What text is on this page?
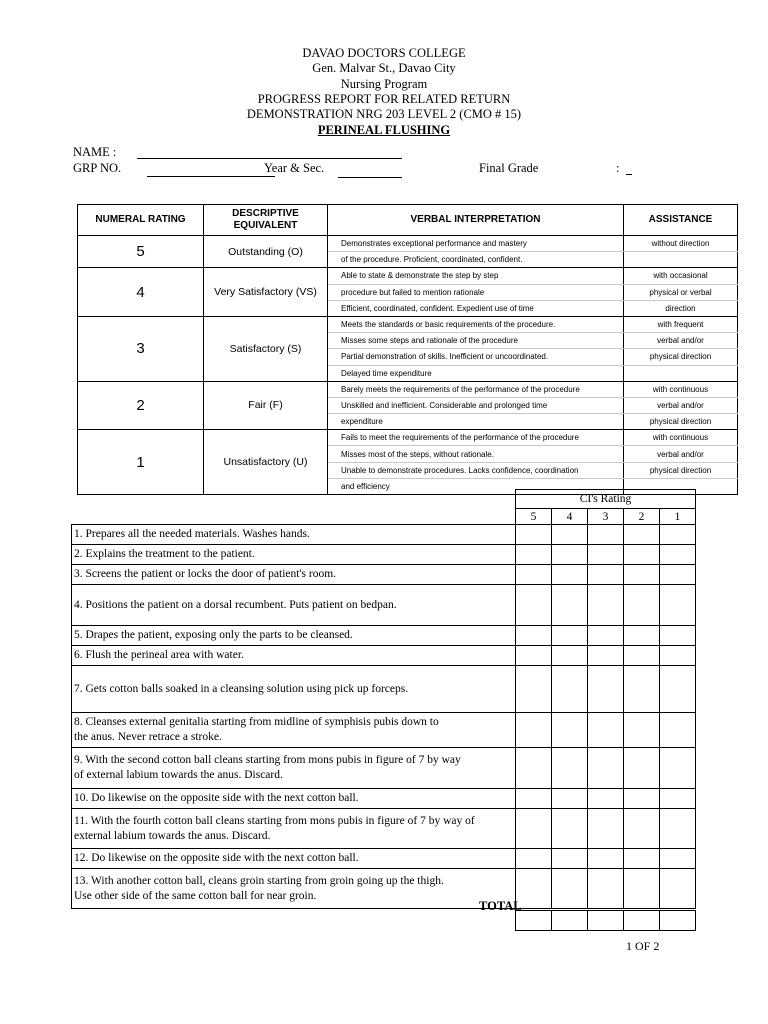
DAVAO DOCTORS COLLEGE
Gen. Malvar St., Davao City
Nursing Program
PROGRESS REPORT FOR RELATED RETURN
DEMONSTRATION NRG 203 LEVEL 2 (CMO # 15)
PERINEAL FLUSHING
NAME :
GRP NO.	Year & Sec.	Final Grade	:
NUMERAL RATING	DESCRIPTIVE EQUIVALENT	VERBAL INTERPRETATION	ASSISTANCE
5	Outstanding (O)	Demonstrates exceptional performance and mastery	without direction
		of the procedure. Proficient, coordinated, confident.	
4	Very Satisfactory (VS)	Able to state & demonstrate the step by step	with occasional
		procedure but failed to mention rationale	physical or verbal
		Efficient, coordinated, confident. Expedient use of time	direction
3	Satisfactory (S)	Meets the standards or basic requirements of the procedure.	with frequent
		Misses some steps and rationale of the procedure	verbal and/or
		Partial demonstration of skills. Inefficient or uncoordinated.	physical direction
		Delayed time expenditure	
2	Fair (F)	Barely meets the requirements of the performance of the procedure	with continuous
		Unskilled and inefficient. Considerable and prolonged time	verbal and/or
		expenditure	physical direction
1	Unsatisfactory (U)	Fails to meet the requirements of the performance of the procedure	with continuous
		Misses most of the steps, without rationale.	verbal and/or
		Unable to demonstrate procedures. Lacks confidence, coordination	physical direction
		and efficiency	
CI's Rating
5	4	3	2	1
1. Prepares all the needed materials. Washes hands.					
2. Explains the treatment to the patient.					
3. Screens the patient or locks the door of patient's room.					
4. Positions the patient on a dorsal recumbent. Puts patient on bedpan.					
5. Drapes the patient, exposing only the parts to be cleansed.					
6. Flush the perineal area with water.					
7. Gets cotton balls soaked in a cleansing solution using pick up forceps.					
8. Cleanses external genitalia starting from midline of symphisis pubis down to
the anus. Never retrace a stroke.					
9. With the second cotton ball cleans starting from mons pubis in figure of 7 by way
of external labium towards the anus. Discard.					
10. Do likewise on the opposite side with the next cotton ball.					
11. With the fourth cotton ball cleans starting from mons pubis in figure of 7 by way of
external labium towards the anus. Discard.					
12. Do likewise on the opposite side with the next cotton ball.					
13. With another cotton ball, cleans groin starting from groin going up the thigh.
Use other side of the same cotton ball for near groin.					
TOTAL

1 OF 2
